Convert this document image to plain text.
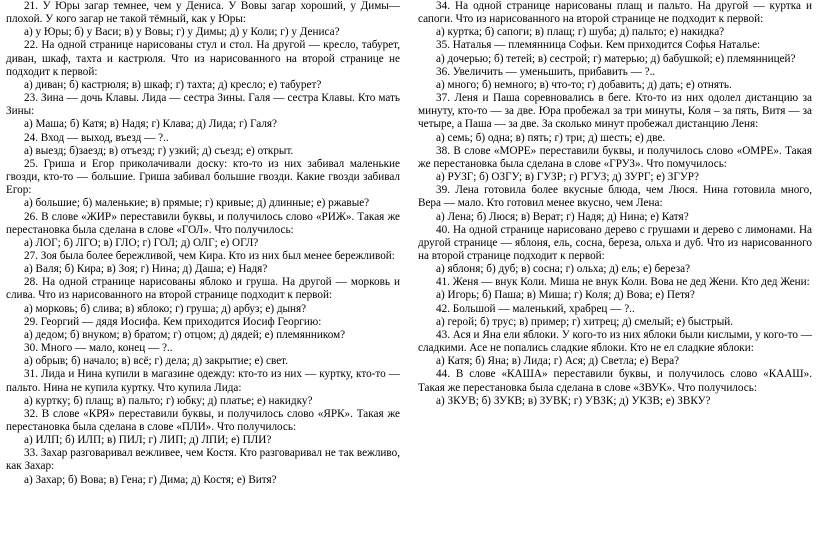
21. У Юры загар темнее, чем у Дениса. У Вовы загар хороший, у Димы— плохой. У кого загар не такой тёмный, как у Юры:

а) у Юры; б) у Васи; в) у Вовы; г) у Димы; д) у Коли; г) у Дениса?

22. На одной странице нарисованы стул и стол. На другой — кресло, табурет, диван, шкаф, тахта и кастрюля. Что из нарисованного на второй странице не подходит к первой:

а) диван; б) кастрюля; в) шкаф; г) тахта; д) кресло; е) табурет?

23. Зина — дочь Клавы. Лида — сестра Зины. Галя — сестра Клавы. Кто мать Зины:

а) Маша; б) Катя; в) Надя; г) Клава; д) Лида; г) Галя?

24. Вход — выход, въезд — ?..

а) выезд; б)заезд; в) отъезд; г) узкий; д) съезд; е) открыт.

25. Гриша и Егор приколачивали доску: кто-то из них забивал маленькие гвозди, кто-то — большие. Гриша забивал большие гвозди. Какие гвозди забивал Егор:

а) большие; б) маленькие; в) прямые; г) кривые; д) длинные; е) ржавые?

26. В слове «ЖИР» переставили буквы, и получилось слово «РИЖ». Такая же перестановка была сделана в слове «ГОЛ». Что получилось:

а) ЛОГ; б) ЛГО; в) ГЛО; г) ГОЛ; д) ОЛГ; е) ОГЛ?

27. Зоя была более бережливой, чем Кира. Кто из них был менее бережливой:

а) Валя; б) Кира; в) Зоя; г) Нина; д) Даша; е) Надя?

28. На одной странице нарисованы яблоко и груша. На другой — морковь и слива. Что из нарисованного на второй странице подходит к первой:

а) морковь; б) слива; в) яблоко; г) груша; д) арбуз; е) дыня?

29. Георгий — дядя Иосифа. Кем приходится Иосиф Георгию:

а) дедом; б) внуком; в) братом; г) отцом; д) дядей; е) племянником?

30. Много — мало, конец — ?..

а) обрыв; б) начало; в) всё; г) дела; д) закрытие; е) свет.

31. Лида и Нина купили в магазине одежду: кто-то из них — куртку, кто-то — пальто. Нина не купила куртку. Что купила Лида:

а) куртку; б) плащ; в) пальто; г) юбку; д) платье; е) накидку?

32. В слове «КРЯ» переставили буквы, и получилось слово «ЯРК». Такая же перестановка была сделана в слове «ПЛИ». Что получилось:

а) ИЛП; б) ИЛП; в) ПИЛ; г) ЛИП; д) ЛПИ; е) ПЛИ?

33. Захар разговаривал вежливее, чем Костя. Кто разговаривал не так вежливо, как Захар:

а) Захар; б) Вова; в) Гена; г) Дима; д) Костя; е) Витя?

34. На одной странице нарисованы плащ и пальто. На другой — куртка и сапоги. Что из нарисованного на второй странице не подходит к первой:

а) куртка; б) сапоги; в) плащ; г) шуба; д) пальто; е) накидка?

35. Наталья — племянница Софьи. Кем приходится Софья Наталье:

а) дочерью; б) тетей; в) сестрой; г) матерью; д) бабушкой; е) племянницей?

36. Увеличить — уменьшить, прибавить — ?..

а) много; б) немного; в) что-то; г) добавить; д) дать; е) отнять.

37. Леня и Паша соревновались в беге. Кто-то из них одолел дистанцию за минуту, кто-то — за две. Юра пробежал за три минуты, Коля – за пять, Витя — за четыре, а Паша — за две. За сколько минут пробежал дистанцию Леня:

а) семь; б) одна; в) пять; г) три; д) шесть; е) две.

38. В слове «МОРЕ» переставили буквы, и получилось слово «ОМРЕ». Такая же перестановка была сделана в слове «ГРУЗ». Что помучилось:

а) РУЗГ; б) ОЗГУ; в) ГУЗР; г) РГУЗ; д) ЗУРГ; е) ЗГУР?

39. Лена готовила более вкусные блюда, чем Люся. Нина готовила много, Вера — мало. Кто готовил менее вкусно, чем Лена:

а) Лена; б) Люся; в) Верат; г) Надя; д) Нина; е) Катя?

40. На одной странице нарисовано дерево с грушами и дерево с лимонами. На другой странице — яблоня, ель, сосна, береза, ольха и дуб. Что из нарисованного на второй странице подходит к первой:

а) яблоня; б) дуб; в) сосна; г) ольха; д) ель; е) береза?

41. Женя — внук Коли. Миша не внук Коли. Вова не дед Жени. Кто дед Жени:

а) Игорь; б) Паша; в) Миша; г) Коля; д) Вова; е) Петя?

42. Большой — маленький, храбрец — ?..

а) герой; б) трус; в) пример; г) хитрец; д) смелый; е) быстрый.

43. Ася и Яна ели яблоки. У кого-то из них яблоки были кислыми, у кого-то — сладкими. Асе не попались сладкие яблоки. Кто не ел сладкие яблоки:

а) Катя; б) Яна; в) Лида; г) Ася; д) Светла; е) Вера?

44. В слове «КАША» переставили буквы, и получилось слово «КААШ». Такая же перестановка была сделана в слове «ЗВУК». Что получилось:

а) ЗКУВ; б) ЗУКВ; в) ЗУВК; г) УВЗК; д) УКЗВ; е) ЗВКУ?
